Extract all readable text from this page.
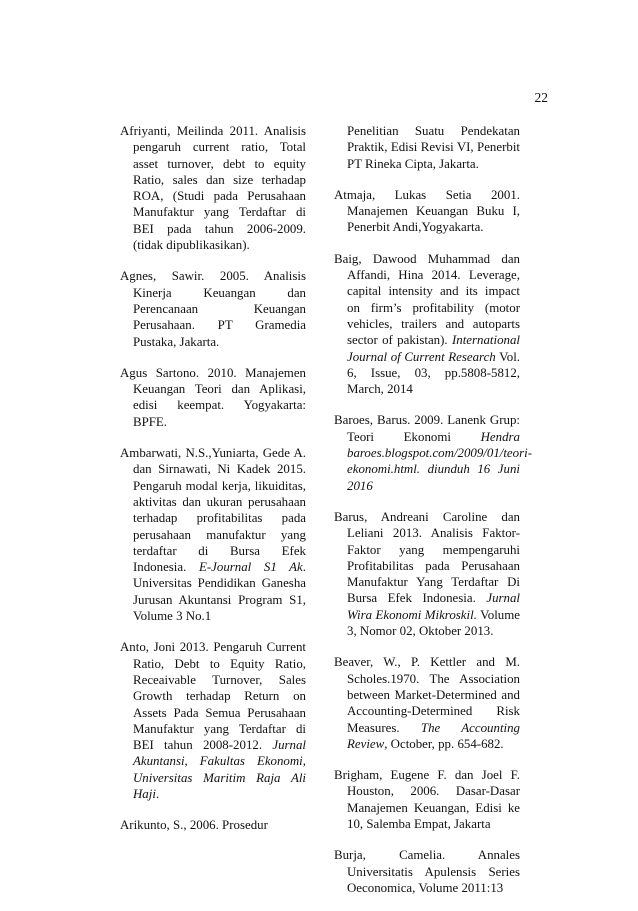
22

Afriyanti, Meilinda 2011. Analisis pengaruh current ratio, Total asset turnover, debt to equity Ratio, sales dan size terhadap ROA, (Studi pada Perusahaan Manufaktur yang Terdaftar di BEI pada tahun 2006-2009. (tidak dipublikasikan).

Agnes, Sawir. 2005. Analisis Kinerja Keuangan dan Perencanaan Keuangan Perusahaan. PT Gramedia Pustaka, Jakarta.

Agus Sartono. 2010. Manajemen Keuangan Teori dan Aplikasi, edisi keempat. Yogyakarta: BPFE.

Ambarwati, N.S.,Yuniarta, Gede A. dan Sirnawati, Ni Kadek 2015. Pengaruh modal kerja, likuiditas, aktivitas dan ukuran perusahaan terhadap profitabilitas pada perusahaan manufaktur yang terdaftar di Bursa Efek Indonesia. E-Journal S1 Ak. Universitas Pendidikan Ganesha Jurusan Akuntansi Program S1, Volume 3 No.1

Anto, Joni 2013. Pengaruh Current Ratio, Debt to Equity Ratio, Receaivable Turnover, Sales Growth terhadap Return on Assets Pada Semua Perusahaan Manufaktur yang Terdaftar di BEI tahun 2008-2012. Jurnal Akuntansi, Fakultas Ekonomi, Universitas Maritim Raja Ali Haji.

Arikunto, S., 2006. Prosedur

Penelitian Suatu Pendekatan Praktik, Edisi Revisi VI, Penerbit PT Rineka Cipta, Jakarta.

Atmaja, Lukas Setia 2001. Manajemen Keuangan Buku I, Penerbit Andi,Yogyakarta.

Baig, Dawood Muhammad dan Affandi, Hina 2014. Leverage, capital intensity and its impact on firm’s profitability (motor vehicles, trailers and autoparts sector of pakistan). International Journal of Current Research Vol. 6, Issue, 03, pp.5808-5812, March, 2014

Baroes, Barus. 2009. Lanenk Grup: Teori Ekonomi Hendra baroes.blogspot.com/2009/01/teori-ekonomi.html. diunduh 16 Juni 2016

Barus, Andreani Caroline dan Leliani 2013. Analisis Faktor-Faktor yang mempengaruhi Profitabilitas pada Perusahaan Manufaktur Yang Terdaftar Di Bursa Efek Indonesia. Jurnal Wira Ekonomi Mikroskil. Volume 3, Nomor 02, Oktober 2013.

Beaver, W., P. Kettler and M. Scholes.1970. The Association between Market-Determined and Accounting-Determined Risk Measures. The Accounting Review, October, pp. 654-682.

Brigham, Eugene F. dan Joel F. Houston, 2006. Dasar-Dasar Manajemen Keuangan, Edisi ke 10, Salemba Empat, Jakarta

Burja, Camelia. Annales Universitatis Apulensis Series Oeconomica, Volume 2011:13
